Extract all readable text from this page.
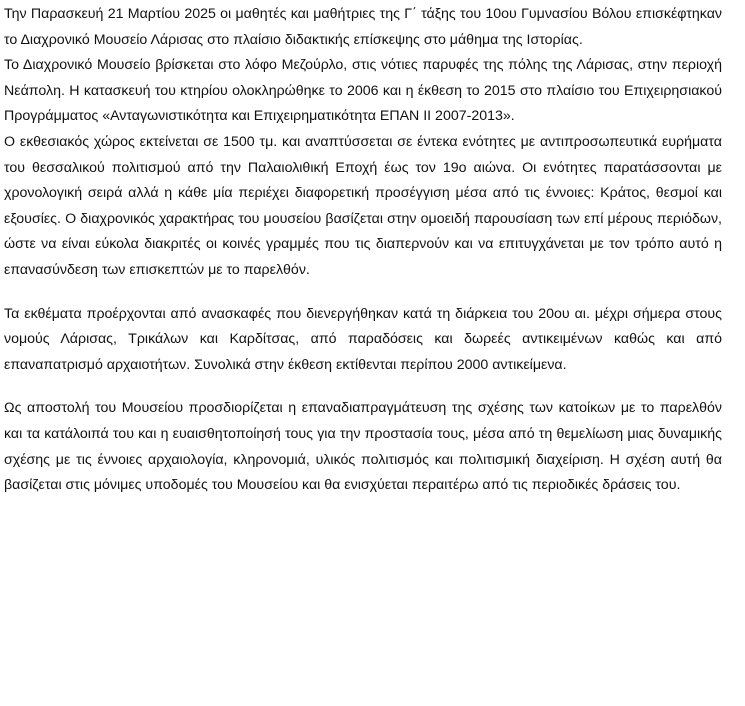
Την Παρασκευή 21 Μαρτίου 2025 οι μαθητές και μαθήτριες της Γ΄ τάξης του 10ου Γυμνασίου Βόλου επισκέφτηκαν το Διαχρονικό Μουσείο Λάρισας στο πλαίσιο διδακτικής επίσκεψης στο μάθημα της Ιστορίας.

Το Διαχρονικό Μουσείο βρίσκεται στο λόφο Μεζούρλο, στις νότιες παρυφές της πόλης της Λάρισας, στην περιοχή Νεάπολη. Η κατασκευή του κτηρίου ολοκληρώθηκε το 2006 και η έκθεση το 2015 στο πλαίσιο του Επιχειρησιακού Προγράμματος «Ανταγωνιστικότητα και Επιχειρηματικότητα ΕΠΑΝ ΙΙ 2007-2013».

Ο εκθεσιακός χώρος εκτείνεται σε 1500 τμ. και αναπτύσσεται σε έντεκα ενότητες με αντιπροσωπευτικά ευρήματα του θεσσαλικού πολιτισμού από την Παλαιολιθική Εποχή έως τον 19ο αιώνα. Οι ενότητες παρατάσσονται με χρονολογική σειρά αλλά η κάθε μία περιέχει διαφορετική προσέγγιση μέσα από τις έννοιες: Κράτος, θεσμοί και εξουσίες. Ο διαχρονικός χαρακτήρας του μουσείου βασίζεται στην ομοειδή παρουσίαση των επί μέρους περιόδων, ώστε να είναι εύκολα διακριτές οι κοινές γραμμές που τις διαπερνούν και να επιτυγχάνεται με τον τρόπο αυτό η επανασύνδεση των επισκεπτών με το παρελθόν.

Τα εκθέματα προέρχονται από ανασκαφές που διενεργήθηκαν κατά τη διάρκεια του 20ου αι. μέχρι σήμερα στους νομούς Λάρισας, Τρικάλων και Καρδίτσας, από παραδόσεις και δωρεές αντικειμένων καθώς και από επαναπατρισμό αρχαιοτήτων. Συνολικά στην έκθεση εκτίθενται περίπου 2000 αντικείμενα.

Ως αποστολή του Μουσείου προσδιορίζεται η επαναδιαπραγμάτευση της σχέσης των κατοίκων με το παρελθόν και τα κατάλοιπά του και η ευαισθητοποίησή τους για την προστασία τους, μέσα από τη θεμελίωση μιας δυναμικής σχέσης με τις έννοιες αρχαιολογία, κληρονομιά, υλικός πολιτισμός και πολιτισμική διαχείριση. Η σχέση αυτή θα βασίζεται στις μόνιμες υποδομές του Μουσείου και θα ενισχύεται περαιτέρω από τις περιοδικές δράσεις του.
